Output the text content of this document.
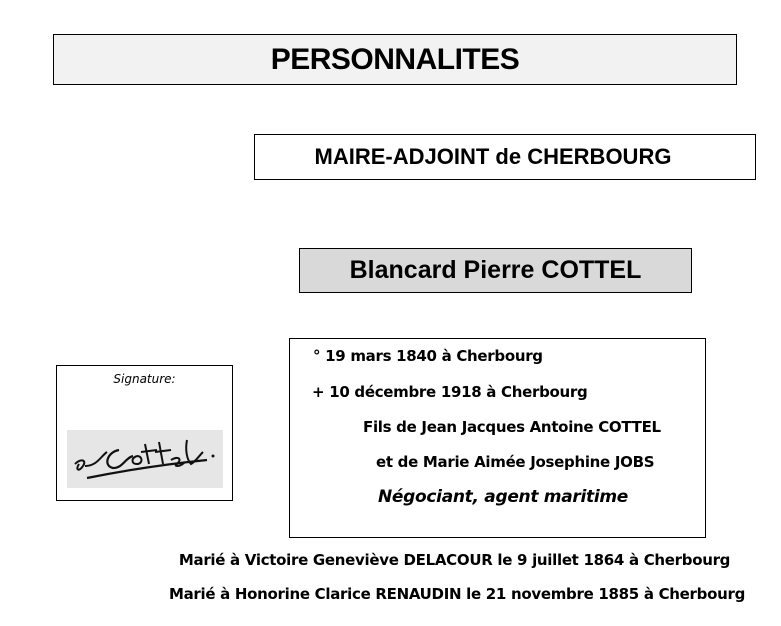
PERSONNALITES
MAIRE-ADJOINT de CHERBOURG
Blancard Pierre COTTEL
Signature:
° 19 mars 1840 à Cherbourg
+ 10 décembre 1918 à Cherbourg
Fils de Jean Jacques Antoine COTTEL
et de Marie Aimée Josephine JOBS
Négociant, agent maritime
Marié à Victoire Geneviève DELACOUR le 9 juillet 1864 à Cherbourg
Marié à Honorine Clarice RENAUDIN le 21 novembre 1885 à Cherbourg
